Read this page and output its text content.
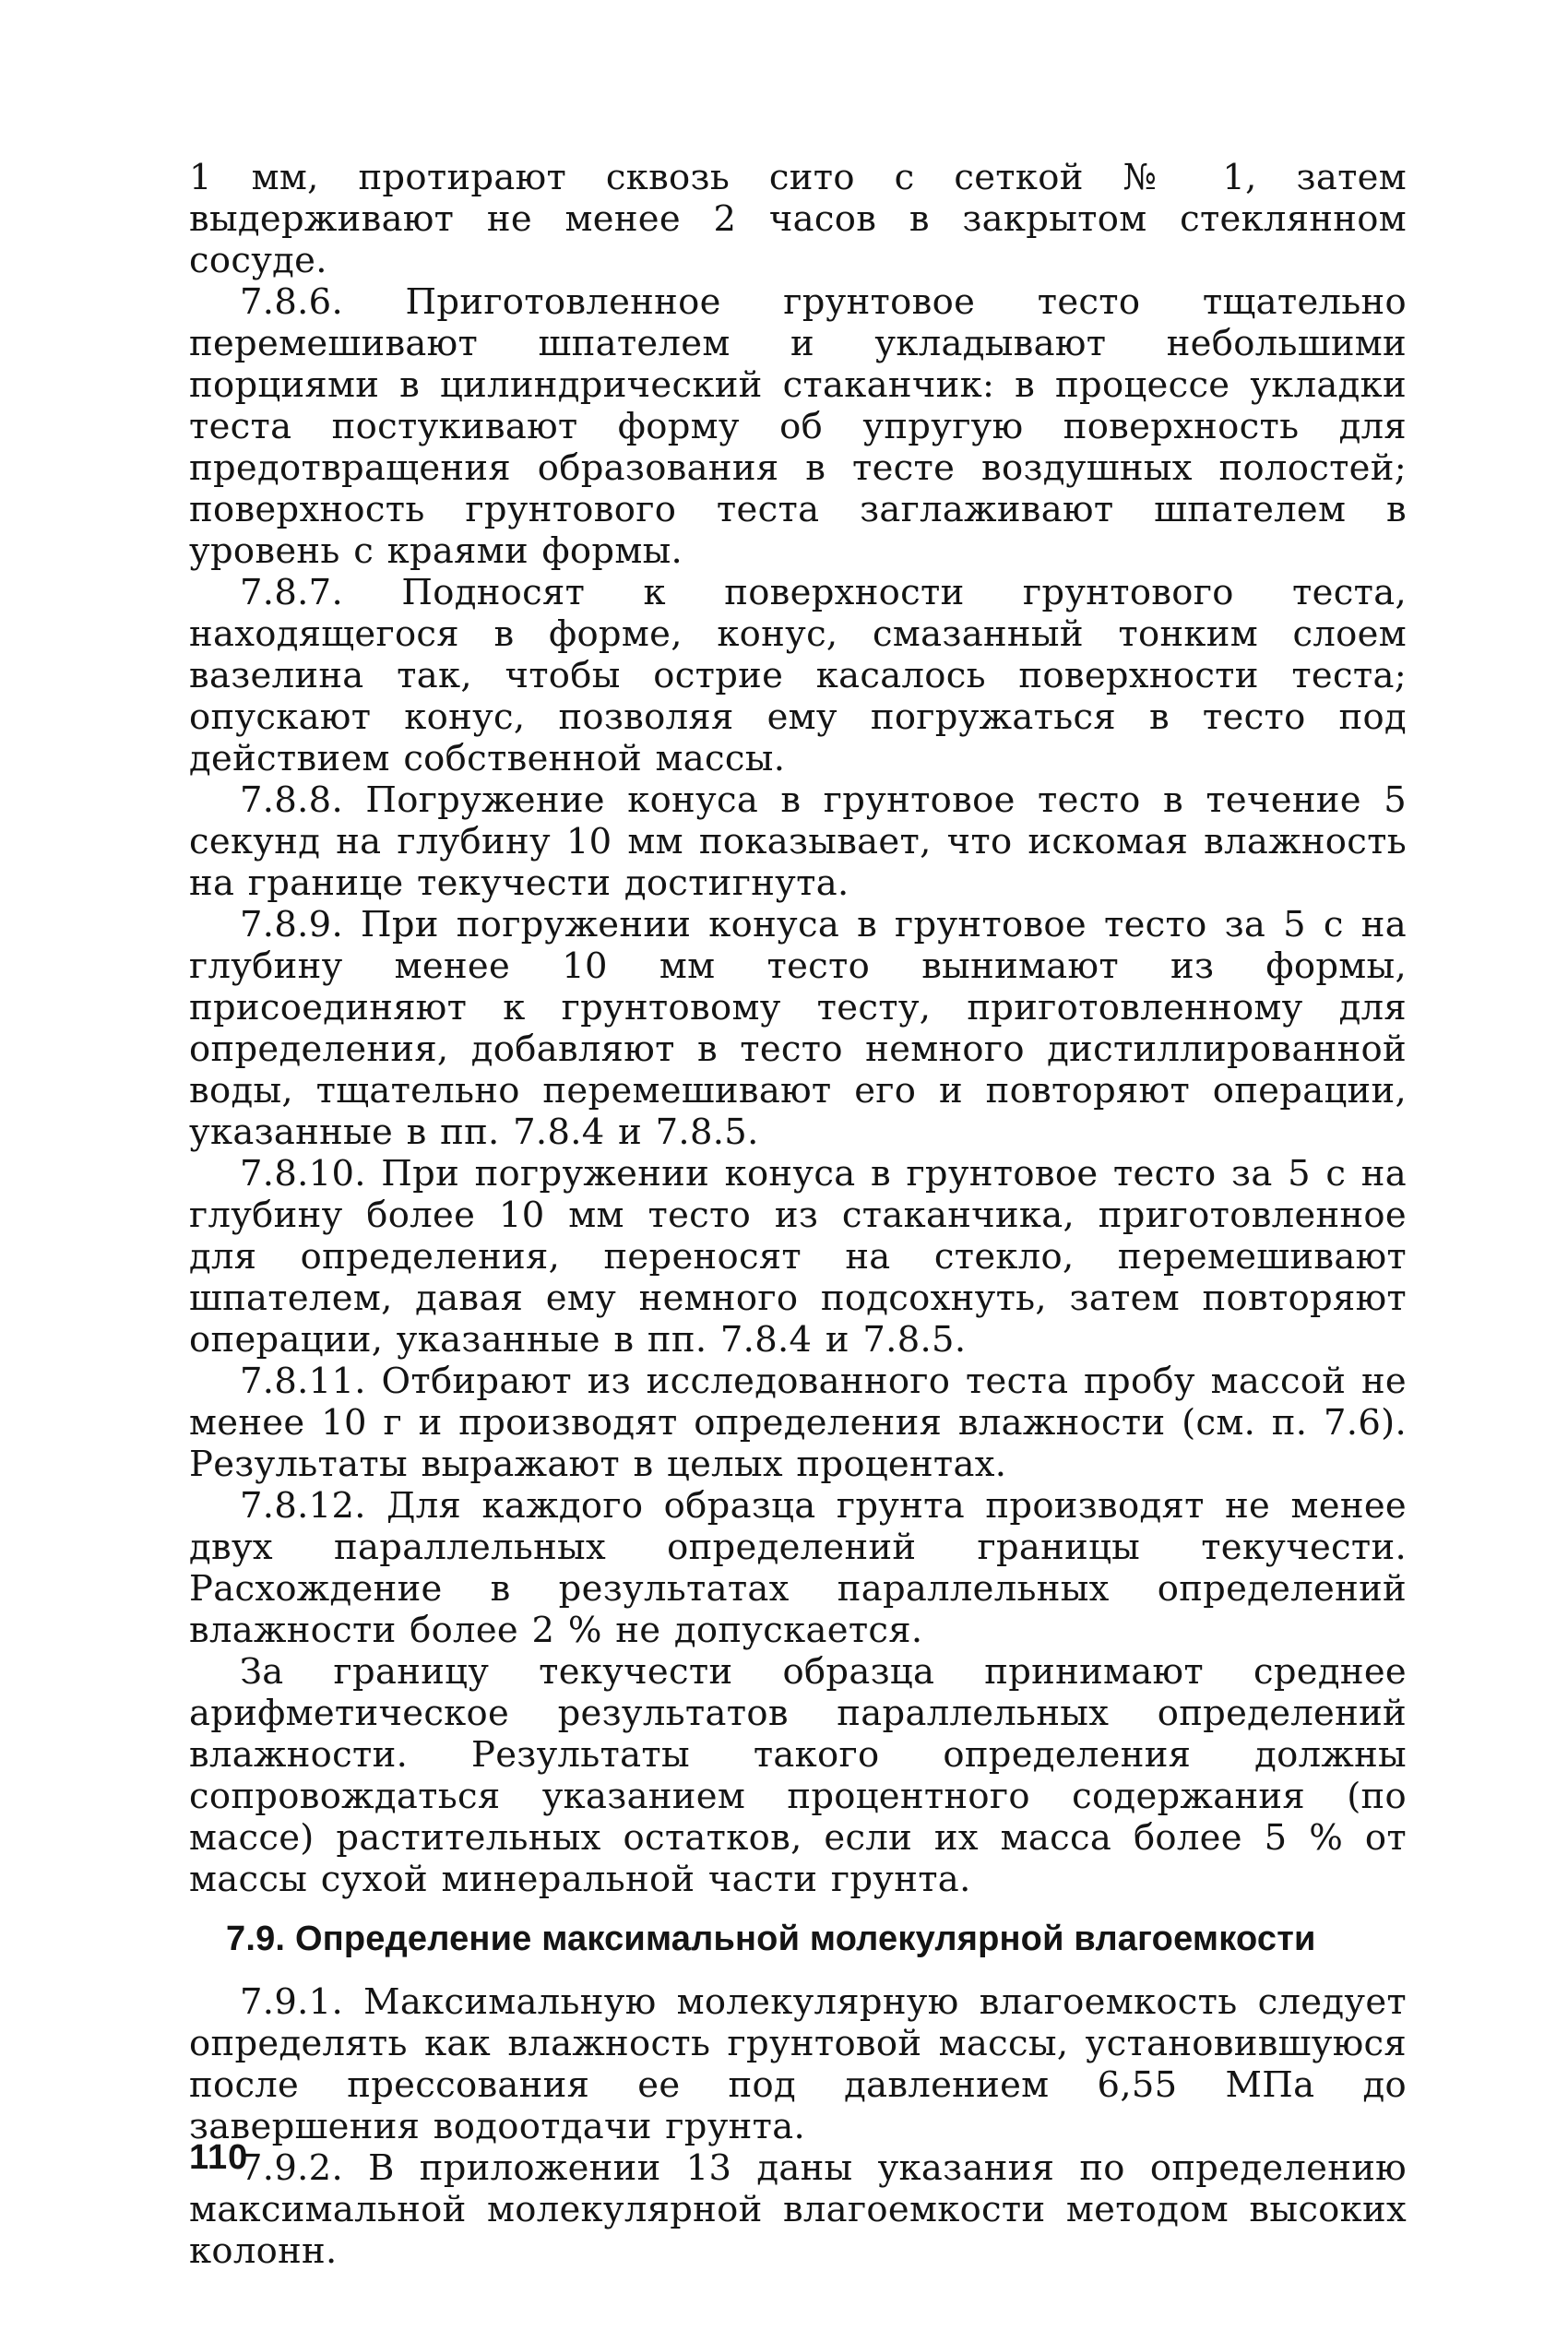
1 мм, протирают сквозь сито с сеткой № 1, затем выдерживают не менее 2 часов в закрытом стеклянном сосуде.

7.8.6. Приготовленное грунтовое тесто тщательно перемешивают шпателем и укладывают небольшими порциями в цилиндрический стаканчик: в процессе укладки теста постукивают форму об упругую поверхность для предотвращения образования в тесте воздушных полостей; поверхность грунтового теста заглаживают шпателем в уровень с краями формы.

7.8.7. Подносят к поверхности грунтового теста, находящегося в форме, конус, смазанный тонким слоем вазелина так, чтобы острие касалось поверхности теста; опускают конус, позволяя ему погружаться в тесто под действием собственной массы.

7.8.8. Погружение конуса в грунтовое тесто в течение 5 секунд на глубину 10 мм показывает, что искомая влажность на границе текучести достигнута.

7.8.9. При погружении конуса в грунтовое тесто за 5 с на глубину менее 10 мм тесто вынимают из формы, присоединяют к грунтовому тесту, приготовленному для определения, добавляют в тесто немного дистиллированной воды, тщательно перемешивают его и повторяют операции, указанные в пп. 7.8.4 и 7.8.5.

7.8.10. При погружении конуса в грунтовое тесто за 5 с на глубину более 10 мм тесто из стаканчика, приготовленное для определения, переносят на стекло, перемешивают шпателем, давая ему немного подсохнуть, затем повторяют операции, указанные в пп. 7.8.4 и 7.8.5.

7.8.11. Отбирают из исследованного теста пробу массой не менее 10 г и производят определения влажности (см. п. 7.6). Результаты выражают в целых процентах.

7.8.12. Для каждого образца грунта производят не менее двух параллельных определений границы текучести. Расхождение в результатах параллельных определений влажности более 2 % не допускается.

За границу текучести образца принимают среднее арифметическое результатов параллельных определений влажности. Результаты такого определения должны сопровождаться указанием процентного содержания (по массе) растительных остатков, если их масса более 5 % от массы сухой минеральной части грунта.

7.9. Определение максимальной молекулярной влагоемкости

7.9.1. Максимальную молекулярную влагоемкость следует определять как влажность грунтовой массы, установившуюся после прессования ее под давлением 6,55 МПа до завершения водоотдачи грунта.

7.9.2. В приложении 13 даны указания по определению максимальной молекулярной влагоемкости методом высоких колонн.

110
